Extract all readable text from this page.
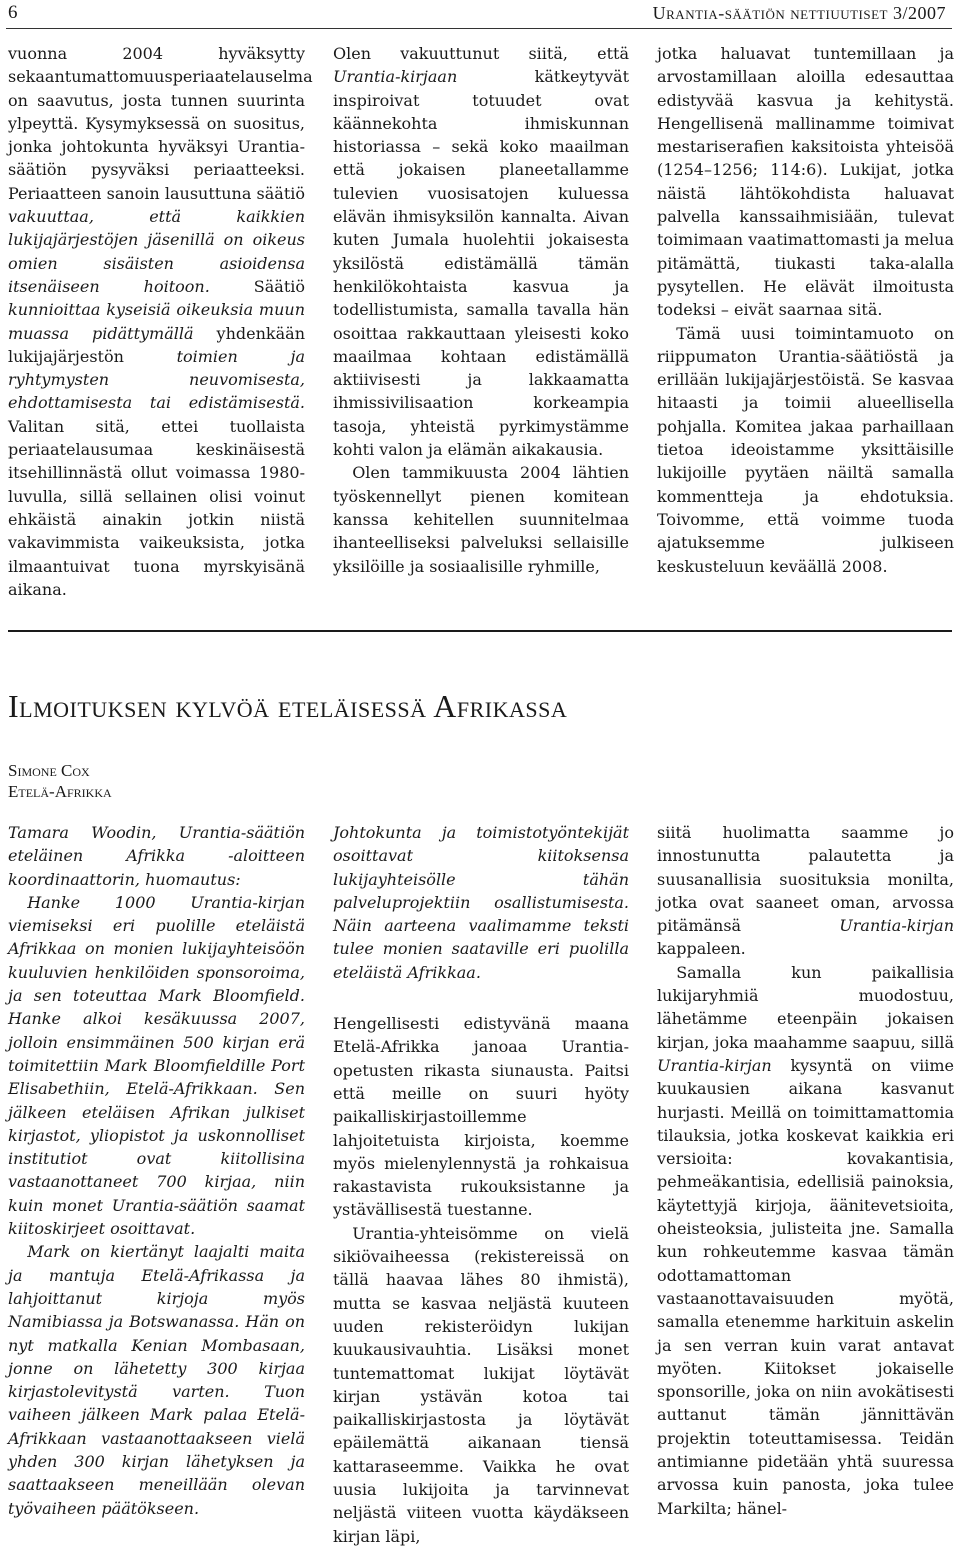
6	Urantia-säätiön nettiuutiset 3/2007

vuonna 2004 hyväksytty sekaantumattomuusperiaatelauselma on saavutus, josta tunnen suurinta ylpeyttä. Kysymyksessä on suositus, jonka johtokunta hyväksyi Urantia-säätiön pysyväksi periaatteeksi. Periaatteen sanoin lausuttuna säätiö vakuuttaa, että kaikkien lukijajärjestöjen jäsenillä on oikeus omien sisäisten asioidensa itsenäiseen hoitoon. Säätiö kunnioittaa kyseisiä oikeuksia muun muassa pidättymällä yhdenkään lukijajärjestön toimien ja ryhtymysten neuvomisesta, ehdottamisesta tai edistämisestä. Valitan sitä, ettei tuollaista periaatelausumaa keskinäisestä itsehillinnästä ollut voimassa 1980-luvulla, sillä sellainen olisi voinut ehkäistä ainakin jotkin niistä vakavimmista vaikeuksista, jotka ilmaantuivat tuona myrskyisänä aikana.

Olen vakuuttunut siitä, että Urantia-kirjaan kätkeytyvät inspiroivat totuudet ovat käännekohta ihmiskunnan historiassa – sekä koko maailman että jokaisen planeetallamme tulevien vuosisatojen kuluessa elävän ihmisyksilön kannalta. Aivan kuten Jumala huolehtii jokaisesta yksilöstä edistämällä tämän henkilökohtaista kasvua ja todellistumista, samalla tavalla hän osoittaa rakkauttaan yleisesti koko maailmaa kohtaan edistämällä aktiivisesti ja lakkaamatta ihmissivilisaation korkeampia tasoja, yhteistä pyrkimystämme kohti valon ja elämän aikakausia.

Olen tammikuusta 2004 lähtien työskennellyt pienen komitean kanssa kehitellen suunnitelmaa ihanteelliseksi palveluksi sellaisille yksilöille ja sosiaalisille ryhmille,

jotka haluavat tuntemillaan ja arvostamillaan aloilla edesauttaa edistyvää kasvua ja kehitystä. Hengellisenä mallinamme toimivat mestariserafien kaksitoista yhteisöä (1254–1256; 114:6). Lukijat, jotka näistä lähtökohdista haluavat palvella kanssaihmisiään, tulevat toimimaan vaatimattomasti ja melua pitämättä, tiukasti taka-alalla pysytellen. He elävät ilmoitusta todeksi – eivät saarnaa sitä.

Tämä uusi toimintamuoto on riippumaton Urantia-säätiöstä ja erillään lukijajärjestöistä. Se kasvaa hitaasti ja toimii alueellisella pohjalla. Komitea jakaa parhaillaan tietoa ideoistamme yksittäisille lukijoille pyytäen näiltä samalla kommentteja ja ehdotuksia. Toivomme, että voimme tuoda ajatuksemme julkiseen keskusteluun keväällä 2008.

Ilmoituksen kylvöä eteläisessä Afrikassa
Simone Cox
Etelä-Afrikka

Tamara Woodin, Urantia-säätiön eteläinen Afrikka -aloitteen koordinaattorin, huomautus:

Hanke 1000 Urantia-kirjan viemiseksi eri puolille eteläistä Afrikkaa on monien lukijayhteisöön kuuluvien henkilöiden sponsoroima, ja sen toteuttaa Mark Bloomfield. Hanke alkoi kesäkuussa 2007, jolloin ensimmäinen 500 kirjan erä toimitettiin Mark Bloomfieldille Port Elisabethiin, Etelä-Afrikkaan. Sen jälkeen eteläisen Afrikan julkiset kirjastot, yliopistot ja uskonnolliset institutiot ovat kiitollisina vastaanottaneet 700 kirjaa, niin kuin monet Urantia-säätiön saamat kiitoskirjeet osoittavat.

Mark on kiertänyt laajalti maita ja mantuja Etelä-Afrikassa ja lahjoittanut kirjoja myös Namibiassa ja Botswanassa. Hän on nyt matkalla Kenian Mombasaan, jonne on lähetetty 300 kirjaa kirjastolevitystä varten. Tuon vaiheen jälkeen Mark palaa Etelä-Afrikkaan vastaanottaakseen vielä yhden 300 kirjan lähetyksen ja saattaakseen meneillään olevan työvaiheen päätökseen.

Johtokunta ja toimistotyöntekijät osoittavat kiitoksensa lukijayhteisölle tähän palveluprojektiin osallistumisesta. Näin aarteena vaalimamme teksti tulee monien saataville eri puolilla eteläistä Afrikkaa.

Hengellisesti edistyvänä maana Etelä-Afrikka janoaa Urantia-opetusten rikasta siunausta. Paitsi että meille on suuri hyöty paikalliskirjastoillemme lahjoitetuista kirjoista, koemme myös mielenylennystä ja rohkaisua rakastavista rukouksistanne ja ystävällisestä tuestanne.

Urantia-yhteisömme on vielä sikiövaiheessa (rekistereissä on tällä haavaa lähes 80 ihmistä), mutta se kasvaa neljästä kuuteen uuden rekisteröidyn lukijan kuukausivauhtia. Lisäksi monet tuntemattomat lukijat löytävät kirjan ystävän kotoa tai paikalliskirjastosta ja löytävät epäilemättä aikanaan tiensä kattaraseemme. Vaikka he ovat uusia lukijoita ja tarvinnevat neljästä viiteen vuotta käydäkseen kirjan läpi,

siitä huolimatta saamme jo innostunutta palautetta ja suusanallisia suosituksia monilta, jotka ovat saaneet oman, arvossa pitämänsä Urantia-kirjan kappaleen.

Samalla kun paikallisia lukijaryhmiä muodostuu, lähetämme eteenpäin jokaisen kirjan, joka maahamme saapuu, sillä Urantia-kirjan kysyntä on viime kuukausien aikana kasvanut hurjasti. Meillä on toimittamattomia tilauksia, jotka koskevat kaikkia eri versioita: kovakantisia, pehmeäkantisia, edellisiä painoksia, käytettyjä kirjoja, äänitevetsioita, oheisteoksia, julisteita jne. Samalla kun rohkeutemme kasvaa tämän odottamattoman vastaanottavaisuuden myötä, samalla etenemme harkituin askelin ja sen verran kuin varat antavat myöten. Kiitokset jokaiselle sponsorille, joka on niin avokätisesti auttanut tämän jännittävän projektin toteuttamisessa. Teidän antimianne pidetään yhtä suuressa arvossa kuin panosta, joka tulee Markilta; hänel-
